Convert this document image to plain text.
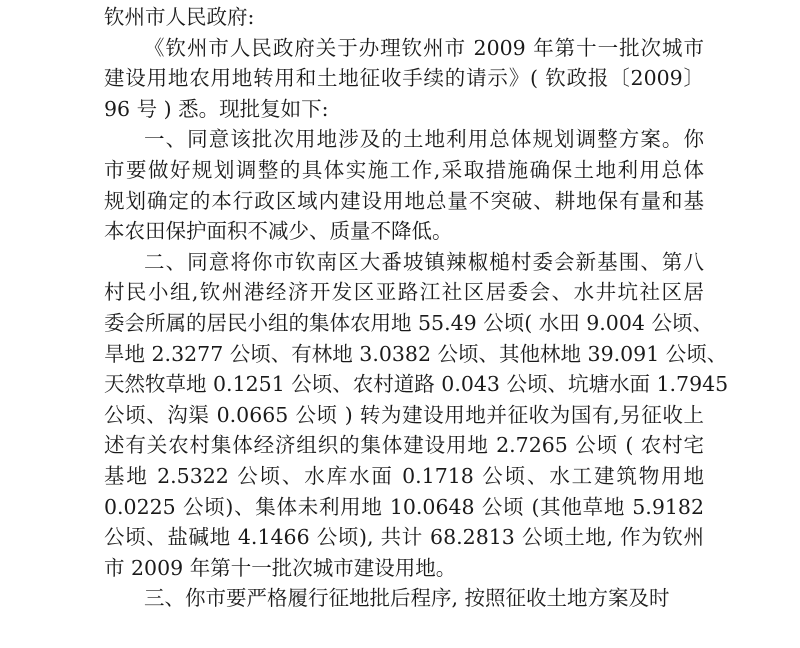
钦州市人民政府:
《钦州市人民政府关于办理钦州市 2009 年第十一批次城市
建设用地农用地转用和土地征收手续的请示》( 钦政报〔2009〕
96 号 ) 悉。现批复如下:
一、同意该批次用地涉及的土地利用总体规划调整方案。你
市要做好规划调整的具体实施工作,采取措施确保土地利用总体
规划确定的本行政区域内建设用地总量不突破、耕地保有量和基
本农田保护面积不减少、质量不降低。
二、同意将你市钦南区大番坡镇辣椒槌村委会新基围、第八
村民小组,钦州港经济开发区亚路江社区居委会、水井坑社区居
委会所属的居民小组的集体农用地 55.49 公顷( 水田 9.004 公顷、
旱地 2.3277 公顷、有林地 3.0382 公顷、其他林地 39.091 公顷、
天然牧草地 0.1251 公顷、农村道路 0.043 公顷、坑塘水面 1.7945
公顷、沟渠 0.0665 公顷 ) 转为建设用地并征收为国有,另征收上
述有关农村集体经济组织的集体建设用地 2.7265 公顷 ( 农村宅
基地 2.5322 公顷、水库水面 0.1718 公顷、水工建筑物用地
0.0225 公顷)、集体未利用地 10.0648 公顷 (其他草地 5.9182
公顷、盐碱地 4.1466 公顷), 共计 68.2813 公顷土地, 作为钦州
市 2009 年第十一批次城市建设用地。
三、你市要严格履行征地批后程序, 按照征收土地方案及时
